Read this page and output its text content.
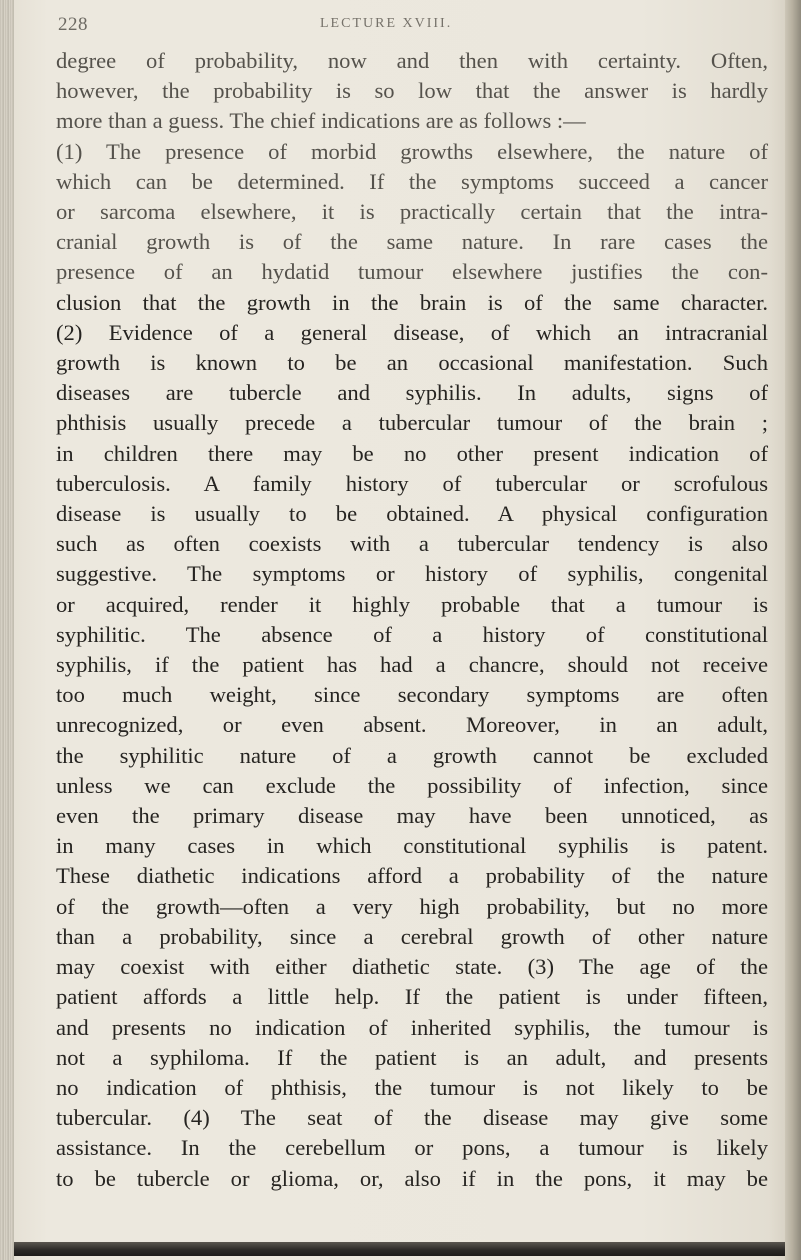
228	LECTURE XVIII.
degree of probability, now and then with certainty. Often,
however, the probability is so low that the answer is hardly
more than a guess. The chief indications are as follows :—
(1) The presence of morbid growths elsewhere, the nature of
which can be determined. If the symptoms succeed a cancer
or sarcoma elsewhere, it is practically certain that the intra-
cranial growth is of the same nature. In rare cases the
presence of an hydatid tumour elsewhere justifies the con-
clusion that the growth in the brain is of the same character.
(2) Evidence of a general disease, of which an intracranial
growth is known to be an occasional manifestation. Such
diseases are tubercle and syphilis. In adults, signs of
phthisis usually precede a tubercular tumour of the brain ;
in children there may be no other present indication of
tuberculosis. A family history of tubercular or scrofulous
disease is usually to be obtained. A physical configuration
such as often coexists with a tubercular tendency is also
suggestive. The symptoms or history of syphilis, congenital
or acquired, render it highly probable that a tumour is
syphilitic. The absence of a history of constitutional
syphilis, if the patient has had a chancre, should not receive
too much weight, since secondary symptoms are often
unrecognized, or even absent. Moreover, in an adult,
the syphilitic nature of a growth cannot be excluded
unless we can exclude the possibility of infection, since
even the primary disease may have been unnoticed, as
in many cases in which constitutional syphilis is patent.
These diathetic indications afford a probability of the nature
of the growth—often a very high probability, but no more
than a probability, since a cerebral growth of other nature
may coexist with either diathetic state. (3) The age of the
patient affords a little help. If the patient is under fifteen,
and presents no indication of inherited syphilis, the tumour is
not a syphiloma. If the patient is an adult, and presents
no indication of phthisis, the tumour is not likely to be
tubercular. (4) The seat of the disease may give some
assistance. In the cerebellum or pons, a tumour is likely
to be tubercle or glioma, or, also if in the pons, it may be
